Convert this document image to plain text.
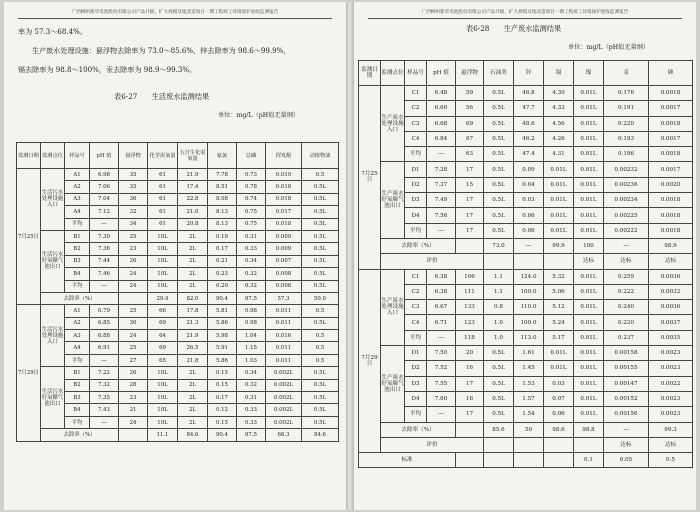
广西柳州新华电池股份有限公司产品升级、扩大规模及地改造项目一期工程竣工环境保护验收监测报告
率为 57.3～68.4%。
生产废水处理设施：悬浮物去除率为 73.0～85.6%，锌去除率为 98.6～99.9%，
镉去除率为 98.8～100%，汞去除率为 98.9～99.3%。
表6-27　　生活废水监测结果
单位：mg/L（pH值无量纲）
监测日期	监测点位	样品号	pH 值	悬浮物	化学需氧量	五日生化需氧量	氨氮	总磷	挥发酚	动植物油	
7月25日	生活污水处理设施入口	A1	6.98	35	61	21.9	7.78	0.73	0.019	0.5	
		A2	7.06	35	61	17.4	8.51	0.78	0.018	0.5L	
		A3	7.04	36	61	22.8	8.08	0.74	0.018	0.5L	
		A4	7.12	32	61	21.0	8.13	0.75	0.017	0.5L	
		平均	—	34	61	20.8	8.13	0.75	0.018	0.5L	
	生活污水好氧曝气池出口	B1	7.30	25	10L	2L	0.19	0.31	0.009	0.5L	
		B2	7.36	23	10L	2L	0.17	0.33	0.009	0.5L	
		B3	7.44	26	10L	2L	0.21	0.34	0.007	0.5L	
		B4	7.46	24	10L	2L	0.23	0.32	0.008	0.5L	
		平均	—	24	10L	2L	0.20	0.32	0.008	0.5L	
	去除率（%）				29.4	82.0	90.4	97.5	57.3	50.0	
7月29日	生活污水处理设施入口	A1	6.79	25	66	17.8	5.81	0.98	0.011	0.5	
		A2	6.85	30	69	21.3	5.86	0.98	0.011	0.5L	
		A3	6.88	24	64	21.9	5.98	1.04	0.016	0.5	
		A4	6.91	25	69	26.5	5.91	1.15	0.011	0.5	
		平均	—	27	65	21.8	5.86	1.03	0.011	0.5	
	生活污水好氧曝气池出口	B1	7.22	26	10L	2L	0.15	0.34	0.002L	0.5L	
		B2	7.32	28	10L	2L	0.15	0.32	0.002L	0.5L	
		B3	7.35	23	10L	2L	0.17	0.31	0.002L	0.5L	
		B4	7.43	21	10L	2L	0.12	0.33	0.002L	0.5L	
		平均	—	24	10L	2L	0.15	0.33	0.002L	0.5L	
	去除率（%）				11.1	84.6	90.4	97.5	68.3	84.6	
广西柳州新华电池股份有限公司产品升级、扩大规模及地改造项目一期工程竣工环境保护验收监测报告
表6-28　　生产废水监测结果
单位：mg/L（pH值无量纲）
监测日期	监测点位	样品号	pH 值	悬浮物	石油类	锌	镉	镍	汞	砷	
7月25日	生产废水处理设施入口	C1	6.48	59	0.5L	46.8	4.30	0.01L	0.176	0.0018	
		C2	6.60	56	0.5L	47.7	4.33	0.01L	0.191	0.0017	
		C3	6.68	69	0.5L	48.6	4.56	0.01L	0.220	0.0018	
		C4	6.84	67	0.5L	46.2	4.26	0.01L	0.193	0.0017	
		平均	—	63	0.5L	47.4	4.31	0.01L	0.196	0.0018	
	生产废水好氧曝气池出口	D1	7.28	17	0.5L	0.09	0.01L	0.01L	0.00232	0.0017	
		D2	7.37	15	0.5L	0.04	0.01L	0.01L	0.00236	0.0020	
		D3	7.49	17	0.5L	0.03	0.01L	0.01L	0.00234	0.0018	
		D4	7.56	17	0.5L	0.06	0.01L	0.01L	0.00225	0.0018	
		平均	—	17	0.5L	0.06	0.01L	0.01L	0.00222	0.0018	
	去除率（%）				73.0	—	99.9	100	—	98.9	
	评价							达标	达标	达标	
7月29日	生产废水处理设施入口	C1	6.38	106	1.1	124.0	5.32	0.01L	0.259	0.0036	
		C2	6.38	111	1.1	109.0	5.06	0.01L	0.222	0.0032	
		C3	6.67	133	0.8	110.0	5.12	0.01L	0.240	0.0036	
		C4	6.71	123	1.0	109.0	5.24	0.01L	0.220	0.0037	
		平均	—	118	1.0	113.0	5.17	0.01L	0.237	0.0035	
	生产废水好氧曝气池出口	D1	7.50	20	0.5L	1.61	0.01L	0.01L	0.00158	0.0023	
		D2	7.52	16	0.5L	1.45	0.01L	0.01L	0.00155	0.0023	
		D3	7.55	17	0.5L	1.53	0.03	0.01L	0.00147	0.0022	
		D4	7.60	16	0.5L	1.57	0.07	0.01L	0.00152	0.0023	
		平均	—	17	0.5L	1.54	0.06	0.01L	0.00156	0.0023	
	去除率（%）				85.6	50	98.6	98.8	—	99.3	
	评价								达标	达标	
标准								0.1	0.05	0.5	
